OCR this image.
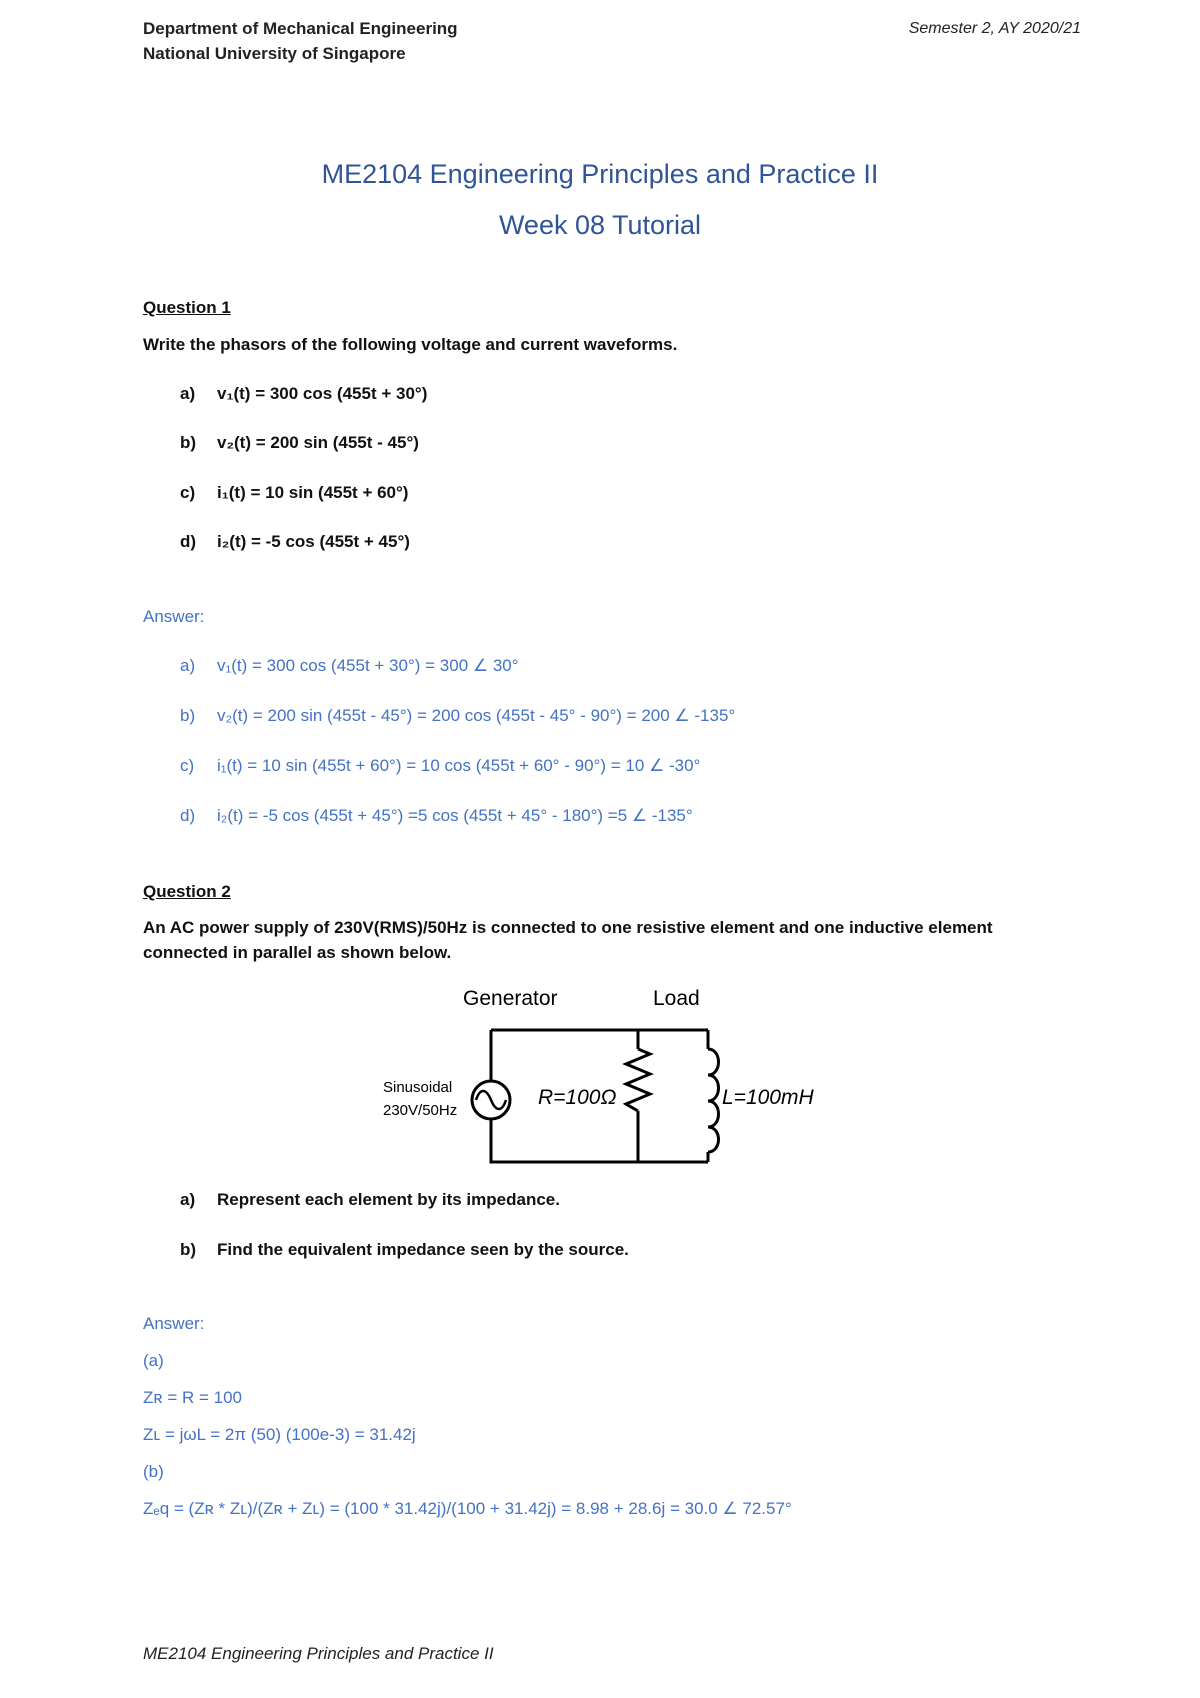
Department of Mechanical Engineering
National University of Singapore
Semester 2, AY 2020/21
ME2104 Engineering Principles and Practice II
Week 08 Tutorial
Question 1
Write the phasors of the following voltage and current waveforms.
a) v₁(t) = 300 cos (455t + 30°)
b) v₂(t) = 200 sin (455t - 45°)
c) i₁(t) = 10 sin (455t + 60°)
d) i₂(t) = -5 cos (455t + 45°)
Answer:
a) v₁(t) = 300 cos (455t + 30°) = 300 ∠ 30°
b) v₂(t) = 200 sin (455t - 45°) = 200 cos (455t - 45° - 90°) = 200 ∠ -135°
c) i₁(t) = 10 sin (455t + 60°) = 10 cos (455t + 60° - 90°) = 10 ∠ -30°
d) i₂(t) = -5 cos (455t + 45°) =5 cos (455t + 45° - 180°) =5 ∠ -135°
Question 2
An AC power supply of 230V(RMS)/50Hz is connected to one resistive element and one inductive element
connected in parallel as shown below.
Generator	Load
Sinusoidal
230V/50Hz
R=100Ω	L=100mH
a) Represent each element by its impedance.
b) Find the equivalent impedance seen by the source.
Answer:
(a)
Zʀ = R = 100
Zʟ = jωL = 2π (50) (100e-3) = 31.42j
(b)
Zₑq = (Zʀ * Zʟ)/(Zʀ + Zʟ) = (100 * 31.42j)/(100 + 31.42j) = 8.98 + 28.6j = 30.0 ∠ 72.57°
ME2104 Engineering Principles and Practice II
